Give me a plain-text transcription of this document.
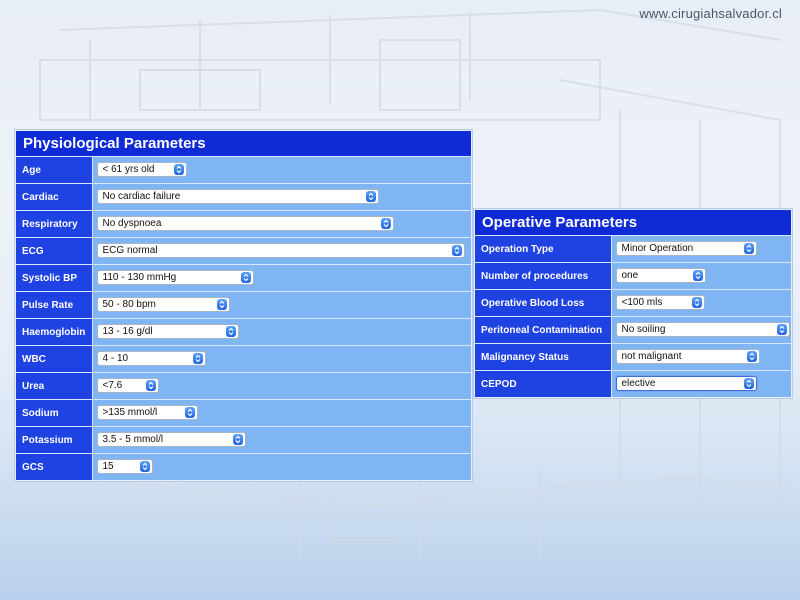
www.cirugiahsalvador.cl
Physiological Parameters
Age	< 61 yrs old

Cardiac	No cardiac failure

Respiratory	No dyspnoea

ECG	ECG normal

Systolic BP	110 - 130 mmHg

Pulse Rate	50 - 80 bpm

Haemoglobin	13 - 16 g/dl

WBC	4 - 10

Urea	<7.6

Sodium	>135 mmol/l

Potassium	3.5 - 5 mmol/l

GCS	15
Operative Parameters
Operation Type	Minor Operation

Number of procedures	one

Operative Blood Loss	<100 mls

Peritoneal Contamination	No soiling

Malignancy Status	not malignant

CEPOD	elective
